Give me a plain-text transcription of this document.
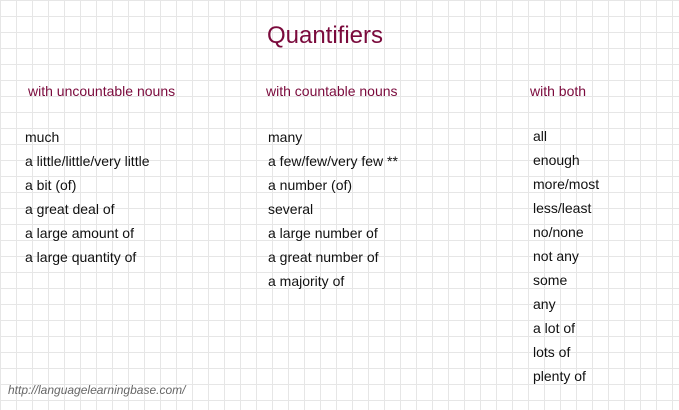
Quantifiers
with uncountable nouns	with countable nouns	with both
much
a little/little/very little
a bit (of)
a great deal of
a large amount of
a large quantity of
many
a few/few/very few **
a number (of)
several
a large number of
a great number of
a majority of
all
enough
more/most
less/least
no/none
not any
some
any
a lot of
lots of
plenty of
http://languagelearningbase.com/
